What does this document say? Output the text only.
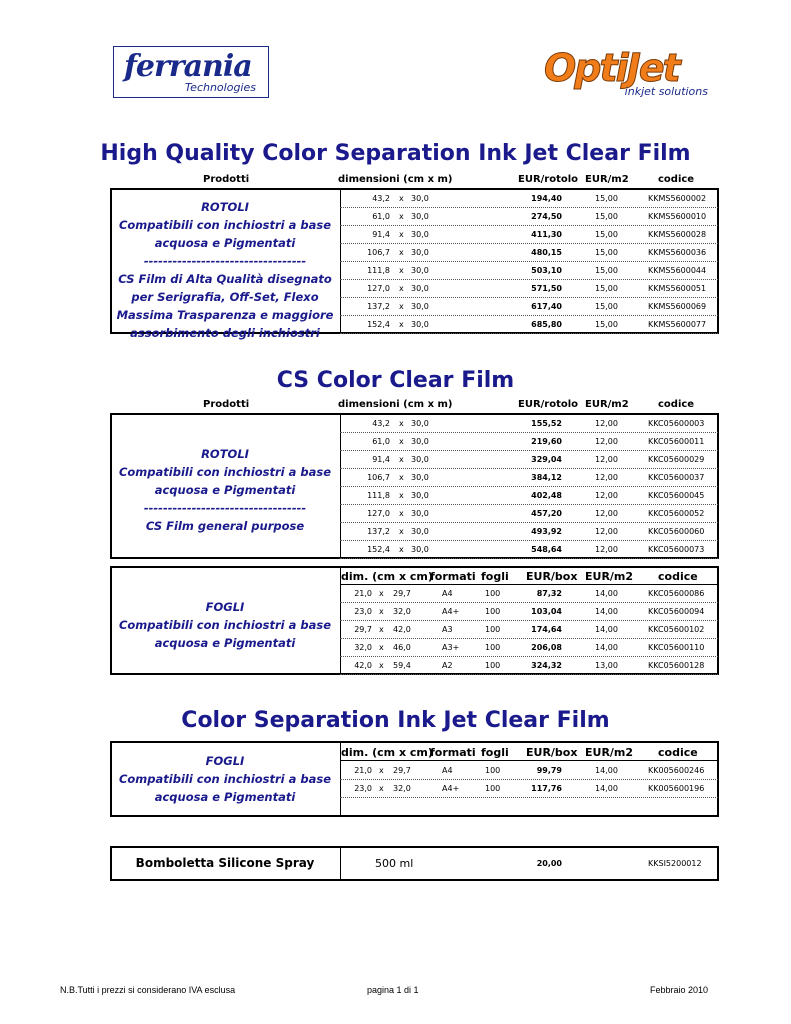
ferrania
Technologies	OptiJet
inkjet solutions
High Quality Color Separation Ink Jet Clear Film
Prodotti	dimensioni (cm x m)	EUR/rotolo EUR/m2	codice
ROTOLI
Compatibili con inchiostri a base
acquosa e Pigmentati
----------------------------------
CS Film di Alta Qualità disegnato
per Serigrafia, Off-Set, Flexo
Massima Trasparenza e maggiore
assorbimento degli inchiostri
43,2 x 30,0	194,40	15,00	KKMS5600002
61,0 x 30,0	274,50	15,00	KKMS5600010
91,4 x 30,0	411,30	15,00	KKMS5600028
106,7 x 30,0	480,15	15,00	KKMS5600036
111,8 x 30,0	503,10	15,00	KKMS5600044
127,0 x 30,0	571,50	15,00	KKMS5600051
137,2 x 30,0	617,40	15,00	KKMS5600069
152,4 x 30,0	685,80	15,00	KKMS5600077
CS Color Clear Film
Prodotti	dimensioni (cm x m)	EUR/rotolo EUR/m2	codice
ROTOLI
Compatibili con inchiostri a base
acquosa e Pigmentati
----------------------------------
CS Film general purpose
43,2 x 30,0	155,52	12,00	KKC05600003
61,0 x 30,0	219,60	12,00	KKC05600011
91,4 x 30,0	329,04	12,00	KKC05600029
106,7 x 30,0	384,12	12,00	KKC05600037
111,8 x 30,0	402,48	12,00	KKC05600045
127,0 x 30,0	457,20	12,00	KKC05600052
137,2 x 30,0	493,92	12,00	KKC05600060
152,4 x 30,0	548,64	12,00	KKC05600073
dim. (cm x cm)
formati fogli EUR/box EUR/m2 codice
FOGLI
Compatibili con inchiostri a base
acquosa e Pigmentati
21,0 x 29,7	A4	100	87,32	14,00	KKC05600086
23,0 x 32,0	A4+	100	103,04	14,00	KKC05600094
29,7 x 42,0	A3	100	174,64	14,00	KKC05600102
32,0 x 46,0	A3+	100	206,08	14,00	KKC05600110
42,0 x 59,4	A2	100	324,32	13,00	KKC05600128
Color Separation Ink Jet Clear Film
dim. (cm x cm)
formati fogli EUR/box EUR/m2 codice
FOGLI
Compatibili con inchiostri a base
acquosa e Pigmentati
21,0 x 29,7	A4	100	99,79	14,00	KK005600246
23,0 x 32,0	A4+	100	117,76	14,00	KK005600196
Bomboletta Silicone Spray	500 ml	20,00	KKSI5200012
N.B.Tutti i prezzi si considerano IVA esclusa	pagina 1 di 1	Febbraio 2010
